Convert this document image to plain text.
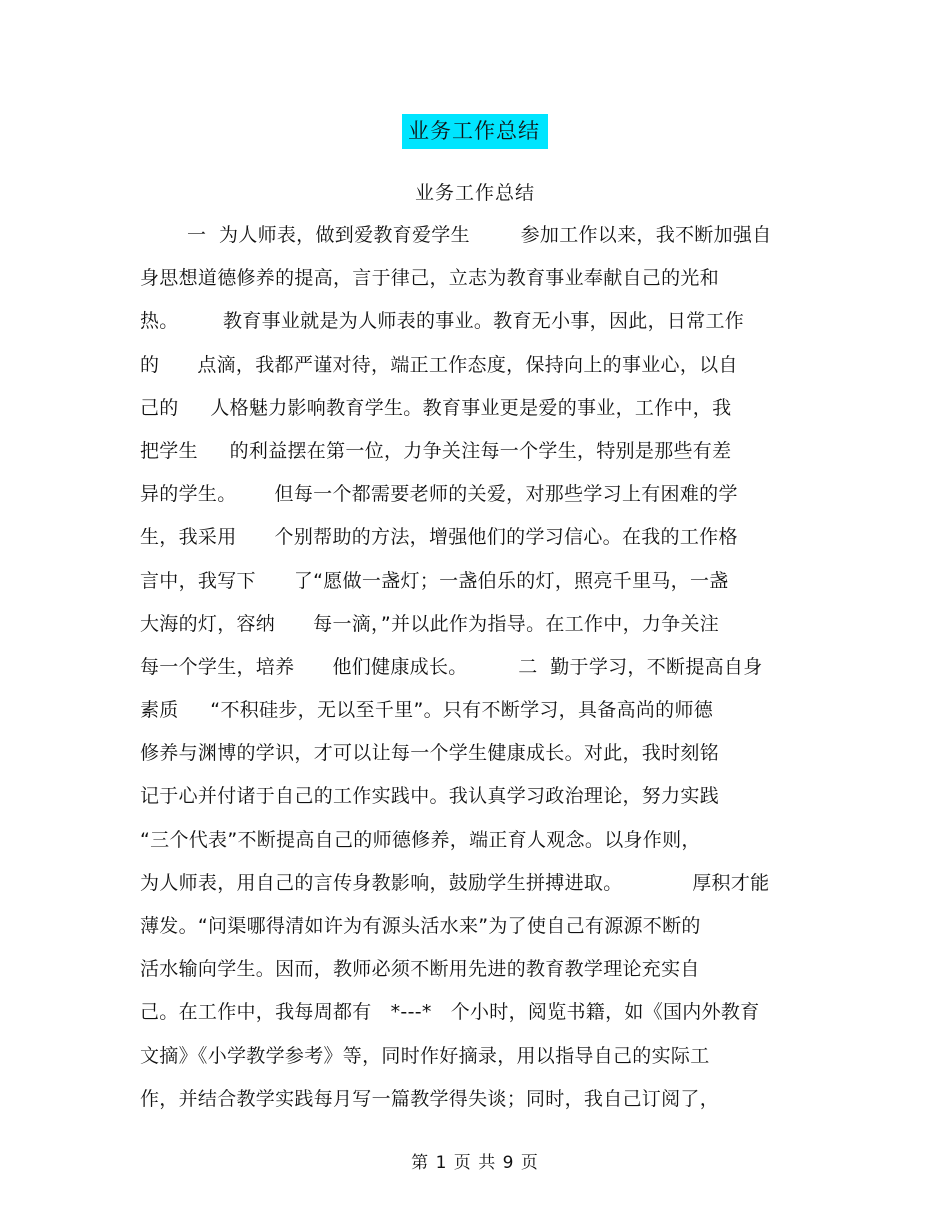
业务工作总结
业务工作总结
一  为人师表，做到爱教育爱学生        参加工作以来，我不断加强自
身思想道德修养的提高，言于律己，立志为教育事业奉献自己的光和
热。       教育事业就是为人师表的事业。教育无小事，因此，日常工作
的      点滴，我都严谨对待，端正工作态度，保持向上的事业心，以自
己的     人格魅力影响教育学生。教育事业更是爱的事业，工作中，我
把学生     的利益摆在第一位，力争关注每一个学生，特别是那些有差
异的学生。      但每一个都需要老师的关爱，对那些学习上有困难的学
生，我采用      个别帮助的方法，增强他们的学习信心。在我的工作格
言中，我写下      了“愿做一盏灯；一盏伯乐的灯，照亮千里马，一盏
大海的灯，容纳      每一滴，”并以此作为指导。在工作中，力争关注
每一个学生，培养      他们健康成长。        二  勤于学习，不断提高自身
素质     “不积硅步，无以至千里”。只有不断学习，具备高尚的师德
修养与渊博的学识，才可以让每一个学生健康成长。对此，我时刻铭
记于心并付诸于自己的工作实践中。我认真学习政治理论，努力实践
“三个代表”不断提高自己的师德修养，端正育人观念。以身作则，
为人师表，用自己的言传身教影响，鼓励学生拼搏进取。           厚积才能
薄发。“问渠哪得清如许为有源头活水来”为了使自己有源源不断的
活水输向学生。因而，教师必须不断用先进的教育教学理论充实自
己。在工作中，我每周都有   *---*   个小时，阅览书籍，如《国内外教育
文摘》《小学教学参考》等，同时作好摘录，用以指导自己的实际工
作，并结合教学实践每月写一篇教学得失谈；同时，我自己订阅了，
第 1 页 共 9 页
